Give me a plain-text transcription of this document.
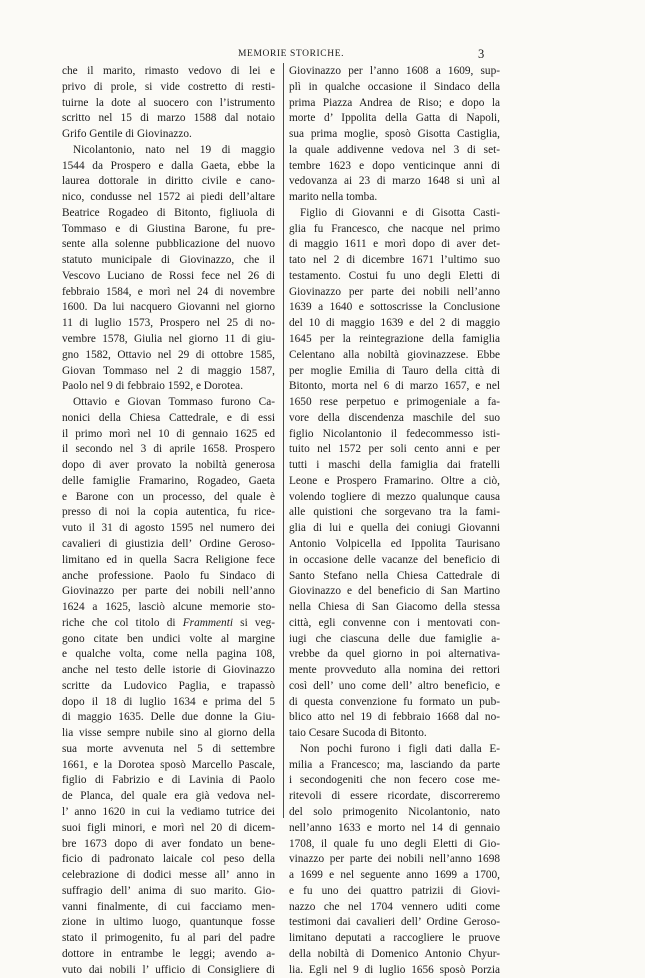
MEMORIE STORICHE.	3
che il marito, rimasto vedovo di lei e
privo di prole, si vide costretto di resti-
tuirne la dote al suocero con l’istrumento
scritto nel 15 di marzo 1588 dal notaio
Grifo Gentile di Giovinazzo.
Nicolantonio, nato nel 19 di maggio
1544 da Prospero e dalla Gaeta, ebbe la
laurea dottorale in diritto civile e cano-
nico, condusse nel 1572 ai piedi dell’altare
Beatrice Rogadeo di Bitonto, figliuola di
Tommaso e di Giustina Barone, fu pre-
sente alla solenne pubblicazione del nuovo
statuto municipale di Giovinazzo, che il
Vescovo Luciano de Rossi fece nel 26 di
febbraio 1584, e morì nel 24 di novembre
1600. Da lui nacquero Giovanni nel giorno
11 di luglio 1573, Prospero nel 25 di no-
vembre 1578, Giulia nel giorno 11 di giu-
gno 1582, Ottavio nel 29 di ottobre 1585,
Giovan Tommaso nel 2 di maggio 1587,
Paolo nel 9 di febbraio 1592, e Dorotea.
Ottavio e Giovan Tommaso furono Ca-
nonici della Chiesa Cattedrale, e di essi
il primo morì nel 10 di gennaio 1625 ed
il secondo nel 3 di aprile 1658. Prospero
dopo di aver provato la nobiltà generosa
delle famiglie Framarino, Rogadeo, Gaeta
e Barone con un processo, del quale è
presso di noi la copia autentica, fu rice-
vuto il 31 di agosto 1595 nel numero dei
cavalieri di giustizia dell’ Ordine Geroso-
limitano ed in quella Sacra Religione fece
anche professione. Paolo fu Sindaco di
Giovinazzo per parte dei nobili nell’anno
1624 a 1625, lasciò alcune memorie sto-
riche che col titolo di Frammenti si veg-
gono citate ben undici volte al margine
e qualche volta, come nella pagina 108,
anche nel testo delle istorie di Giovinazzo
scritte da Ludovico Paglia, e trapassò
dopo il 18 di luglio 1634 e prima del 5
di maggio 1635. Delle due donne la Giu-
lia visse sempre nubile sino al giorno della
sua morte avvenuta nel 5 di settembre
1661, e la Dorotea sposò Marcello Pascale,
figlio di Fabrizio e di Lavinia di Paolo
de Planca, del quale era già vedova nel-
l’ anno 1620 in cui la vediamo tutrice dei
suoi figli minori, e morì nel 20 di dicem-
bre 1673 dopo di aver fondato un bene-
ficio di padronato laicale col peso della
celebrazione di dodici messe all’ anno in
suffragio dell’ anima di suo marito. Gio-
vanni finalmente, di cui facciamo men-
zione in ultimo luogo, quantunque fosse
stato il primogenito, fu al pari del padre
dottore in entrambe le leggi; avendo a-
vuto dai nobili l’ ufficio di Consigliere di
Giovinazzo per l’anno 1608 a 1609, sup-
plì in qualche occasione il Sindaco della
prima Piazza Andrea de Riso; e dopo la
morte d’ Ippolita della Gatta di Napoli,
sua prima moglie, sposò Gisotta Castiglia,
la quale addivenne vedova nel 3 di set-
tembre 1623 e dopo venticinque anni di
vedovanza ai 23 di marzo 1648 si unì al
marito nella tomba.
Figlio di Giovanni e di Gisotta Casti-
glia fu Francesco, che nacque nel primo
di maggio 1611 e morì dopo di aver det-
tato nel 2 di dicembre 1671 l’ultimo suo
testamento. Costui fu uno degli Eletti di
Giovinazzo per parte dei nobili nell’anno
1639 a 1640 e sottoscrisse la Conclusione
del 10 di maggio 1639 e del 2 di maggio
1645 per la reintegrazione della famiglia
Celentano alla nobiltà giovinazzese. Ebbe
per moglie Emilia di Tauro della città di
Bitonto, morta nel 6 di marzo 1657, e nel
1650 rese perpetuo e primogeniale a fa-
vore della discendenza maschile del suo
figlio Nicolantonio il fedecommesso isti-
tuito nel 1572 per soli cento anni e per
tutti i maschi della famiglia dai fratelli
Leone e Prospero Framarino. Oltre a ciò,
volendo togliere di mezzo qualunque causa
alle quistioni che sorgevano tra la fami-
glia di lui e quella dei coniugi Giovanni
Antonio Volpicella ed Ippolita Taurisano
in occasione delle vacanze del beneficio di
Santo Stefano nella Chiesa Cattedrale di
Giovinazzo e del beneficio di San Martino
nella Chiesa di San Giacomo della stessa
città, egli convenne con i mentovati con-
iugi che ciascuna delle due famiglie a-
vrebbe da quel giorno in poi alternativa-
mente provveduto alla nomina dei rettori
così dell’ uno come dell’ altro beneficio, e
di questa convenzione fu formato un pub-
blico atto nel 19 di febbraio 1668 dal no-
taio Cesare Sucoda di Bitonto.
Non pochi furono i figli dati dalla E-
milia a Francesco; ma, lasciando da parte
i secondogeniti che non fecero cose me-
ritevoli di essere ricordate, discorreremo
del solo primogenito Nicolantonio, nato
nell’anno 1633 e morto nel 14 di gennaio
1708, il quale fu uno degli Eletti di Gio-
vinazzo per parte dei nobili nell’anno 1698
a 1699 e nel seguente anno 1699 a 1700,
e fu uno dei quattro patrizii di Giovi-
nazzo che nel 1704 vennero uditi come
testimoni dai cavalieri dell’ Ordine Geroso-
limitano deputati a raccogliere le pruove
della nobiltà di Domenico Antonio Chyur-
lia. Egli nel 9 di luglio 1656 sposò Porzia
